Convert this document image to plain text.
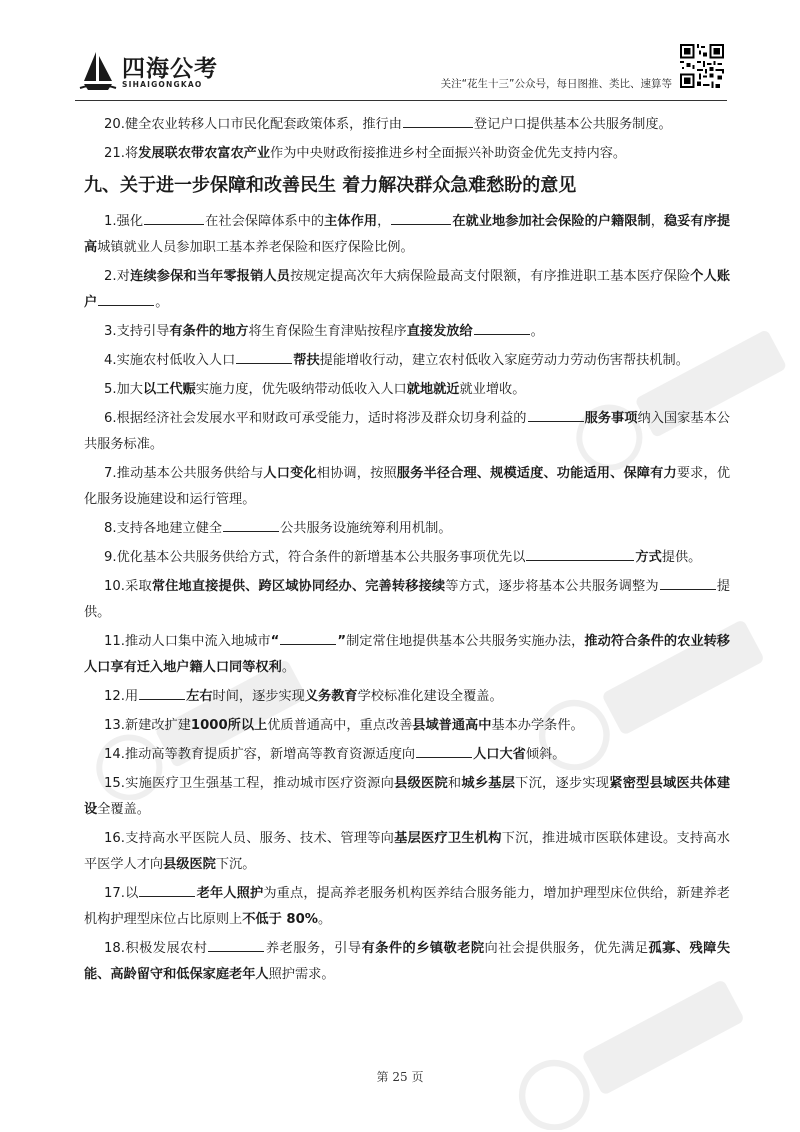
四海公考
SIHAIGONGKAO	关注“花生十三”公众号，每日图推、类比、速算等

20.健全农业转移人口市民化配套政策体系，推行由	登记户口提供基本公共服务制度。

21.将发展联农带农富农产业作为中央财政衔接推进乡村全面振兴补助资金优先支持内容。

九、关于进一步保障和改善民生 着力解决群众急难愁盼的意见

1.强化	在社会保障体系中的主体作用，	在就业地参加社会保险的户籍限制，稳妥有序提高城镇就业人员参加职工基本养老保险和医疗保险比例。

2.对连续参保和当年零报销人员按规定提高次年大病保险最高支付限额，有序推进职工基本医疗保险个人账户	。

3.支持引导有条件的地方将生育保险生育津贴按程序直接发放给	。

4.实施农村低收入人口	帮扶提能增收行动，建立农村低收入家庭劳动力劳动伤害帮扶机制。

5.加大以工代赈实施力度，优先吸纳带动低收入人口就地就近就业增收。

6.根据经济社会发展水平和财政可承受能力，适时将涉及群众切身利益的	服务事项纳入国家基本公共服务标准。

7.推动基本公共服务供给与人口变化相协调，按照服务半径合理、规模适度、功能适用、保障有力要求，优化服务设施建设和运行管理。

8.支持各地建立健全	公共服务设施统筹利用机制。

9.优化基本公共服务供给方式，符合条件的新增基本公共服务事项优先以	方式提供。

10.采取常住地直接提供、跨区域协同经办、完善转移接续等方式，逐步将基本公共服务调整为	提供。

11.推动人口集中流入地城市“	”制定常住地提供基本公共服务实施办法，推动符合条件的农业转移人口享有迁入地户籍人口同等权利。

12.用	左右时间，逐步实现义务教育学校标准化建设全覆盖。

13.新建改扩建1000所以上优质普通高中，重点改善县域普通高中基本办学条件。

14.推动高等教育提质扩容，新增高等教育资源适度向	人口大省倾斜。

15.实施医疗卫生强基工程，推动城市医疗资源向县级医院和城乡基层下沉，逐步实现紧密型县域医共体建设全覆盖。

16.支持高水平医院人员、服务、技术、管理等向基层医疗卫生机构下沉，推进城市医联体建设。支持高水平医学人才向县级医院下沉。

17.以	老年人照护为重点，提高养老服务机构医养结合服务能力，增加护理型床位供给，新建养老机构护理型床位占比原则上不低于 80%。

18.积极发展农村	养老服务，引导有条件的乡镇敬老院向社会提供服务，优先满足孤寡、残障失能、高龄留守和低保家庭老年人照护需求。

第 25 页
